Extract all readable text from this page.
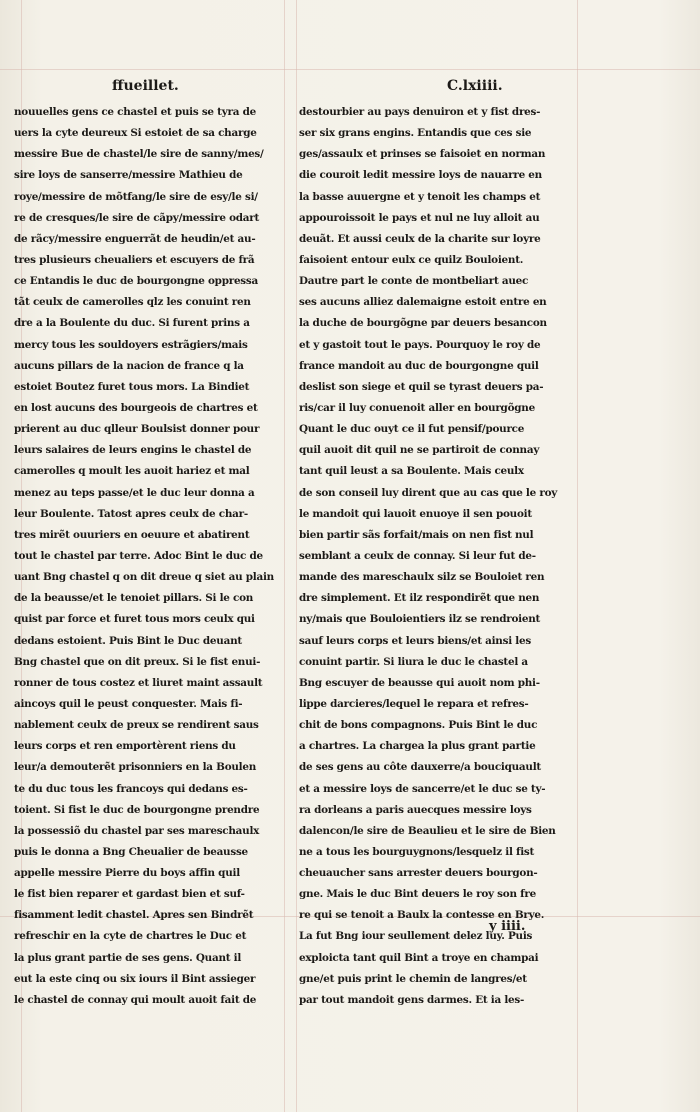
ffueillet.	C.lxiiii.
nouuelles gens ce chastel et puis se tyra de
uers la cyte deureux Si estoiet de sa charge
messire Bue de chastel/le sire de sanny/mes/
sire loys de sanserre/messire Mathieu de
roye/messire de mõtfang/le sire de esy/le si/
re de cresques/le sire de cãpy/messire odart
de rãcy/messire enguerrãt de heudin/et au-
tres plusieurs cheualiers et escuyers de frã
ce Entandis le duc de bourgongne oppressa
tãt ceulx de camerolles qlz les conuint ren
dre a la Boulente du duc. Si furent prins a
mercy tous les souldoyers estrãgiers/mais
aucuns pillars de la nacion de france q la
estoiet Boutez furet tous mors. La Bindiet
en lost aucuns des bourgeois de chartres et
prierent au duc qlleur Boulsist donner pour
leurs salaires de leurs engins le chastel de
camerolles q moult les auoit hariez et mal
menez au teps passe/et le duc leur donna a
leur Boulente. Tatost apres ceulx de char-
tres mirẽt ouuriers en oeuure et abatirent
tout le chastel par terre. Adoc Bint le duc de
uant Bng chastel q on dit dreue q siet au plain
de la beausse/et le tenoiet pillars. Si le con
quist par force et furet tous mors ceulx qui
dedans estoient. Puis Bint le Duc deuant
Bng chastel que on dit preux. Si le fist enui-
ronner de tous costez et liuret maint assault
aincoys quil le peust conquester. Mais fi-
nablement ceulx de preux se rendirent saus
leurs corps et ren emportèrent riens du
leur/a demouterẽt prisonniers en la Boulen
te du duc tous les francoys qui dedans es-
toient. Si fist le duc de bourgongne prendre
la possessiõ du chastel par ses mareschaulx
puis le donna a Bng Cheualier de beausse
appelle messire Pierre du boys affin quil
le fist bien reparer et gardast bien et suf-
fisamment ledit chastel. Apres sen Bindrẽt
refreschir en la cyte de chartres le Duc et
la plus grant partie de ses gens. Quant il
eut la este cinq ou six iours il Bint assieger
le chastel de connay qui moult auoit fait de
destourbier au pays denuiron et y fist dres-
ser six grans engins. Entandis que ces sie
ges/assaulx et prinses se faisoiet en norman
die couroit ledit messire loys de nauarre en
la basse auuergne et y tenoit les champs et
appouroissoit le pays et nul ne luy alloit au
deuãt. Et aussi ceulx de la charite sur loyre
faisoient entour eulx ce quilz Bouloient.
Dautre part le conte de montbeliart auec
ses aucuns alliez dalemaigne estoit entre en
la duche de bourgõgne par deuers besancon
et y gastoit tout le pays. Pourquoy le roy de
france mandoit au duc de bourgongne quil
deslist son siege et quil se tyrast deuers pa-
ris/car il luy conuenoit aller en bourgõgne
Quant le duc ouyt ce il fut pensif/pource
quil auoit dit quil ne se partiroit de connay
tant quil leust a sa Boulente. Mais ceulx
de son conseil luy dirent que au cas que le roy
le mandoit qui lauoit enuoye il sen pouoit
bien partir sãs forfait/mais on nen fist nul
semblant a ceulx de connay. Si leur fut de-
mande des mareschaulx silz se Bouloiet ren
dre simplement. Et ilz respondirẽt que nen
ny/mais que Bouloientiers ilz se rendroient
sauf leurs corps et leurs biens/et ainsi les
conuint partir. Si liura le duc le chastel a
Bng escuyer de beausse qui auoit nom phi-
lippe darcieres/lequel le repara et refres-
chit de bons compagnons. Puis Bint le duc
a chartres. La chargea la plus grant partie
de ses gens au côte dauxerre/a bouciquault
et a messire loys de sancerre/et le duc se ty-
ra dorleans a paris auecques messire loys
dalencon/le sire de Beaulieu et le sire de Bien
ne a tous les bourguygnons/lesquelz il fist
cheuaucher sans arrester deuers bourgon-
gne. Mais le duc Bint deuers le roy son fre
re qui se tenoit a Baulx la contesse en Brye.
La fut Bng iour seullement delez luy. Puis
exploicta tant quil Bint a troye en champai
gne/et puis print le chemin de langres/et
par tout mandoit gens darmes. Et ia les-
y iiii.
